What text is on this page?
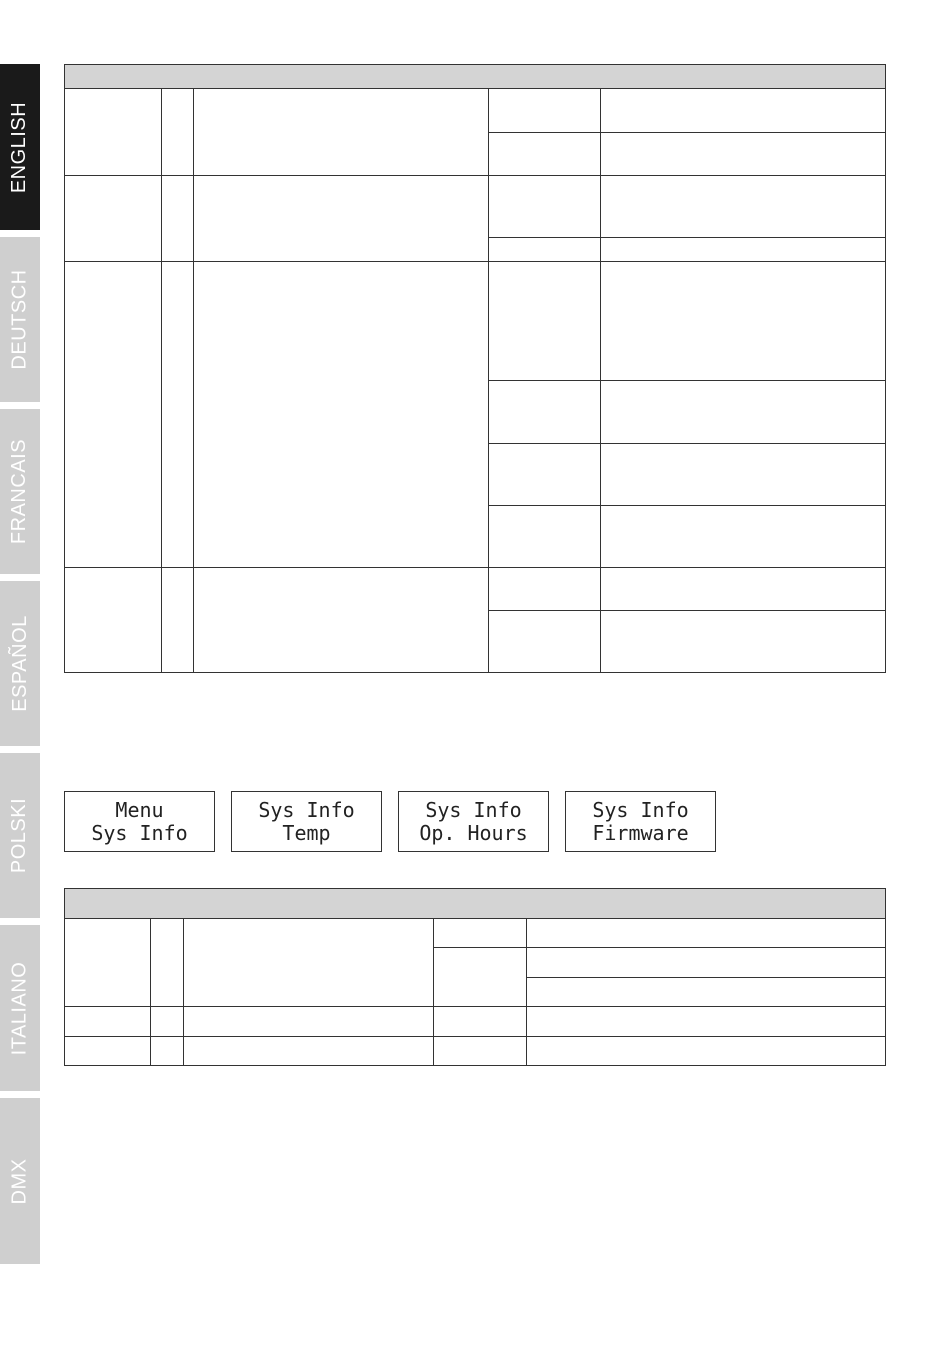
ENGLISH
DEUTSCH
FRANCAIS
ESPAÑOL
POLSKI
ITALIANO
DMX

Menu
Sys Info
Sys Info
Temp
Sys Info
Op. Hours
Sys Info
Firmware
